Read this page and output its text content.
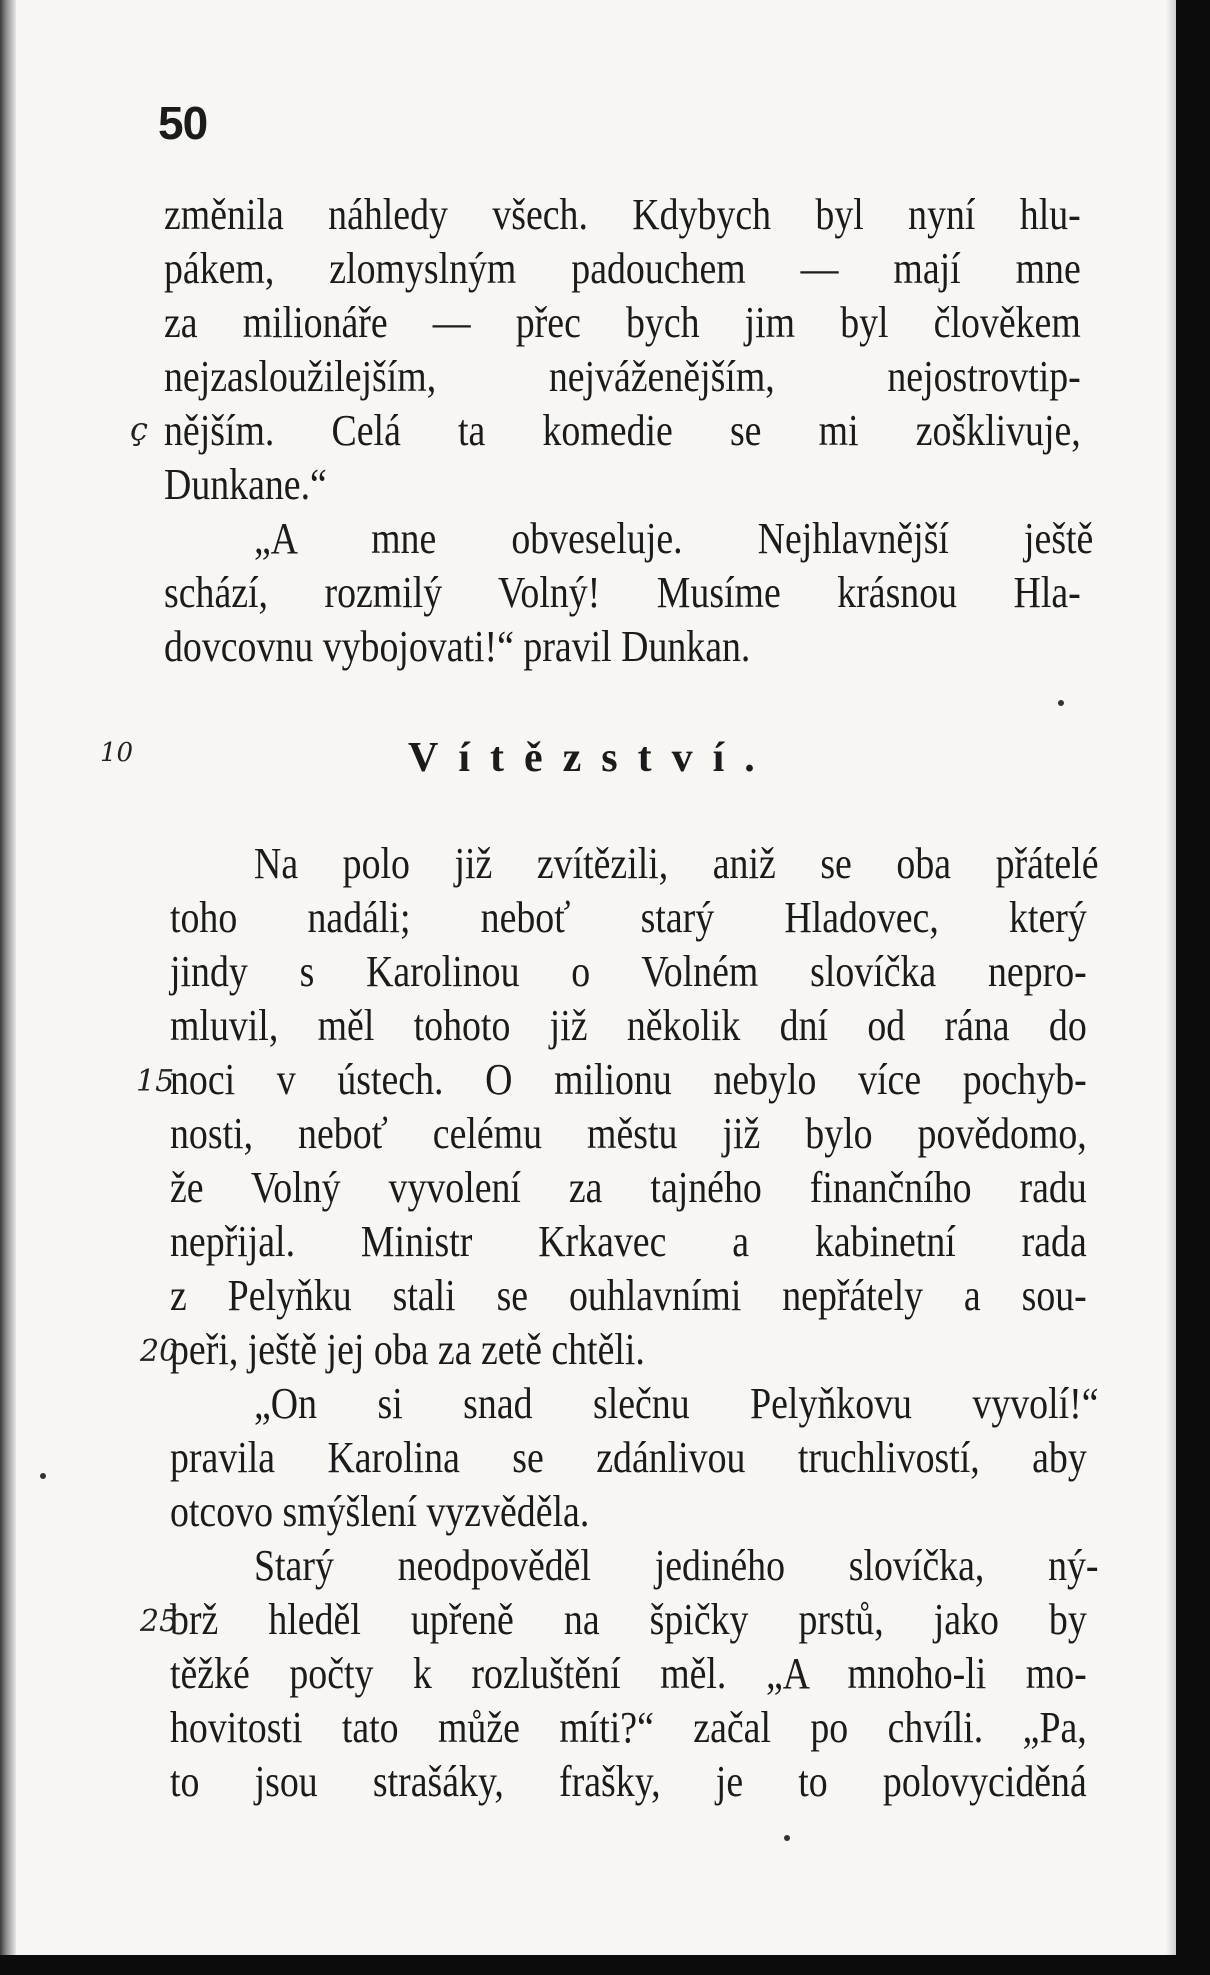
50
změnila náhledy všech. Kdybych byl nyní hlu-
pákem, zlomyslným padouchem — mají mne
za milionáře — přec bych jim byl člověkem
nejzasloužilejším, nejváženějším, nejostrovtip-
nějším. Celá ta komedie se mi zošklivuje,
Dunkane.“
„A mne obveseluje. Nejhlavnější ještě
schází, rozmilý Volný! Musíme krásnou Hla-
dovcovnu vybojovati!“ pravil Dunkan.
Vítězství.
Na polo již zvítězili, aniž se oba přátelé
toho nadáli; neboť starý Hladovec, který
jindy s Karolinou o Volném slovíčka nepro-
mluvil, měl tohoto již několik dní od rána do
noci v ústech. O milionu nebylo více pochyb-
nosti, neboť celému městu již bylo povědomo,
že Volný vyvolení za tajného finančního radu
nepřijal. Ministr Krkavec a kabinetní rada
z Pelyňku stali se ouhlavními nepřátely a sou-
peři, ještě jej oba za zetě chtěli.
„On si snad slečnu Pelyňkovu vyvolí!“
pravila Karolina se zdánlivou truchlivostí, aby
otcovo smýšlení vyzvěděla.
Starý neodpověděl jediného slovíčka, ný-
brž hleděl upřeně na špičky prstů, jako by
těžké počty k rozluštění měl. „A mnoho-li mo-
hovitosti tato může míti?“ začal po chvíli. „Pa,
to jsou strašáky, frašky, je to polovyciděná
ç
10
15
20
25
